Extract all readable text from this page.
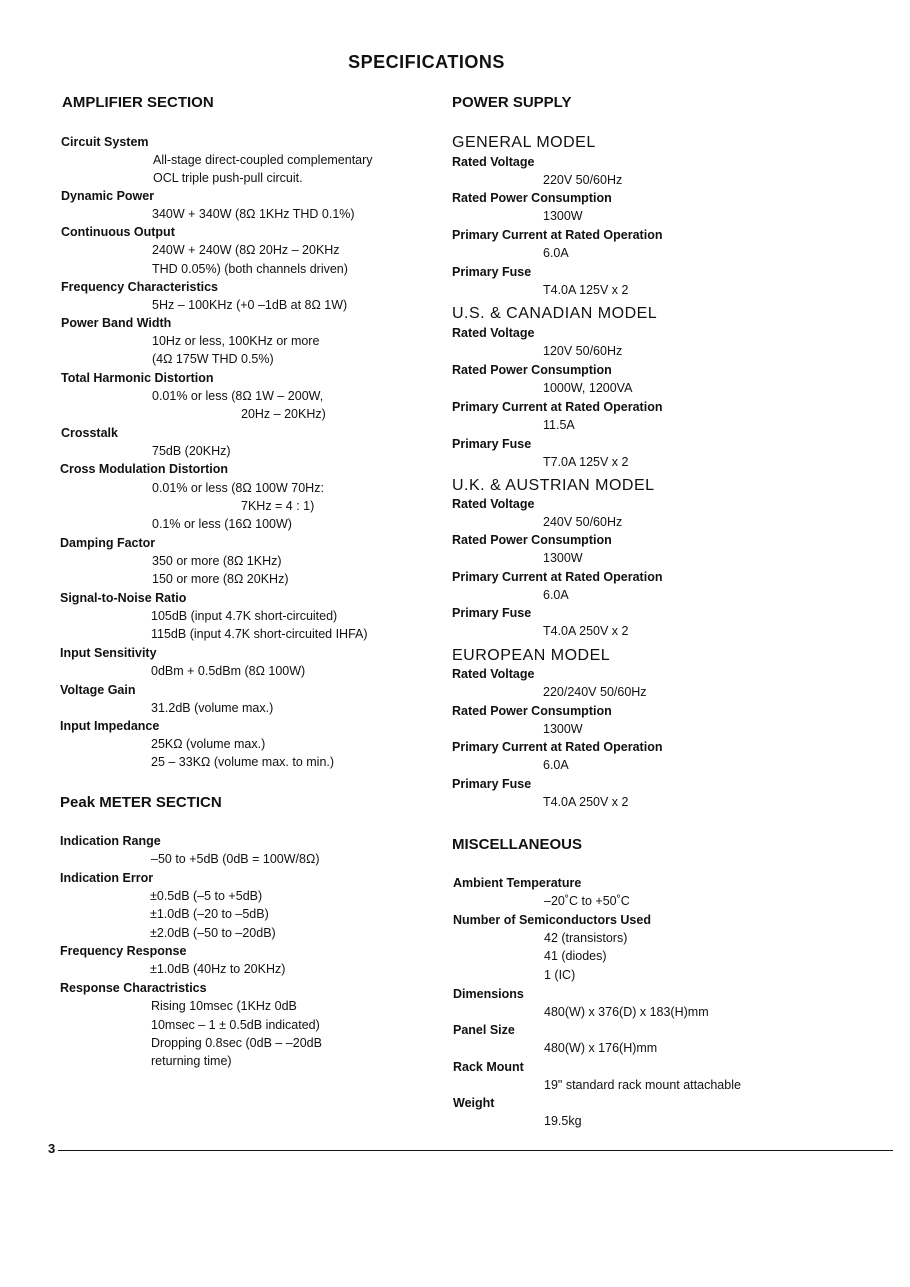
SPECIFICATIONS
AMPLIFIER SECTION
Circuit System
All-stage direct-coupled complementary
OCL triple push-pull circuit.
Dynamic Power
340W + 340W (8Ω 1KHz THD 0.1%)
Continuous Output
240W + 240W (8Ω 20Hz – 20KHz
THD 0.05%) (both channels driven)
Frequency Characteristics
5Hz – 100KHz (+0 –1dB at 8Ω 1W)
Power Band Width
10Hz or less, 100KHz or more
(4Ω 175W THD 0.5%)
Total Harmonic Distortion
0.01% or less (8Ω 1W – 200W,
20Hz – 20KHz)
Crosstalk
75dB (20KHz)
Cross Modulation Distortion
0.01% or less (8Ω 100W 70Hz:
7KHz = 4 : 1)
0.1% or less (16Ω 100W)
Damping Factor
350 or more (8Ω 1KHz)
150 or more (8Ω 20KHz)
Signal-to-Noise Ratio
105dB (input 4.7K short-circuited)
115dB (input 4.7K short-circuited IHFA)
Input Sensitivity
0dBm + 0.5dBm (8Ω 100W)
Voltage Gain
31.2dB (volume max.)
Input Impedance
25KΩ (volume max.)
25 – 33KΩ (volume max. to min.)
Peak METER SECTICN
Indication Range
–50 to +5dB (0dB = 100W/8Ω)
Indication Error
±0.5dB (–5 to +5dB)
±1.0dB (–20 to –5dB)
±2.0dB (–50 to –20dB)
Frequency Response
±1.0dB (40Hz to 20KHz)
Response Charactristics
Rising 10msec (1KHz 0dB
10msec – 1 ± 0.5dB indicated)
Dropping 0.8sec (0dB – –20dB
returning time)
POWER SUPPLY
GENERAL MODEL
Rated Voltage
220V 50/60Hz
Rated Power Consumption
1300W
Primary Current at Rated Operation
6.0A
Primary Fuse
T4.0A 125V x 2
U.S. & CANADIAN MODEL
Rated Voltage
120V 50/60Hz
Rated Power Consumption
1000W, 1200VA
Primary Current at Rated Operation
11.5A
Primary Fuse
T7.0A 125V x 2
U.K. & AUSTRIAN MODEL
Rated Voltage
240V 50/60Hz
Rated Power Consumption
1300W
Primary Current at Rated Operation
6.0A
Primary Fuse
T4.0A 250V x 2
EUROPEAN MODEL
Rated Voltage
220/240V 50/60Hz
Rated Power Consumption
1300W
Primary Current at Rated Operation
6.0A
Primary Fuse
T4.0A 250V x 2
MISCELLANEOUS
Ambient Temperature
–20˚C to +50˚C
Number of Semiconductors Used
42 (transistors)
41 (diodes)
1 (IC)
Dimensions
480(W) x 376(D) x 183(H)mm
Panel Size
480(W) x 176(H)mm
Rack Mount
19" standard rack mount attachable
Weight
19.5kg
3
